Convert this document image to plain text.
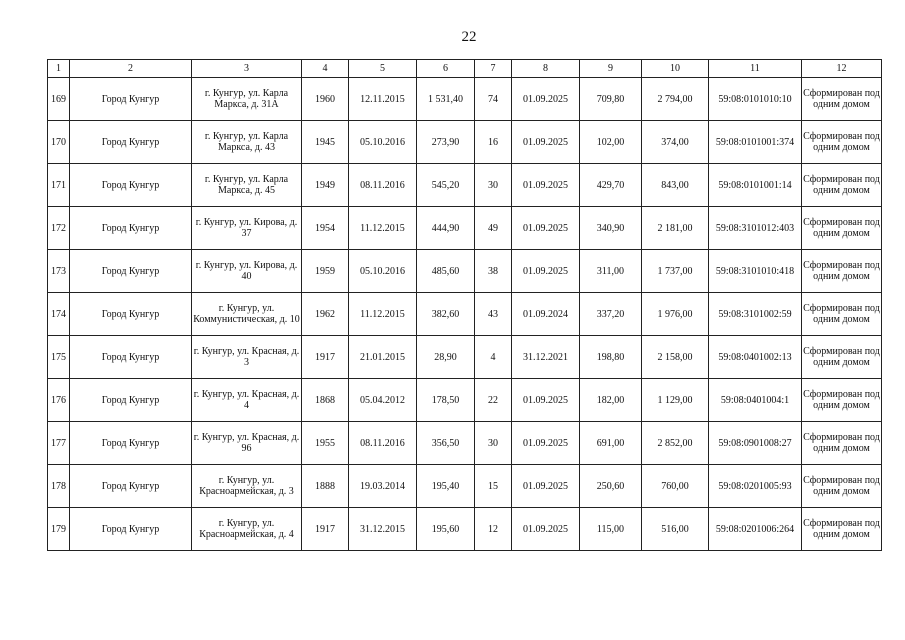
22
1	2	3	4	5	6	7	8	9	10	11	12
169	Город Кунгур	г. Кунгур, ул. Карла Маркса, д. 31А	1960	12.11.2015	1 531,40	74	01.09.2025	709,80	2 794,00	59:08:0101010:10	Сформирован под одним домом
170	Город Кунгур	г. Кунгур, ул. Карла Маркса, д. 43	1945	05.10.2016	273,90	16	01.09.2025	102,00	374,00	59:08:0101001:374	Сформирован под одним домом
171	Город Кунгур	г. Кунгур, ул. Карла Маркса, д. 45	1949	08.11.2016	545,20	30	01.09.2025	429,70	843,00	59:08:0101001:14	Сформирован под одним домом
172	Город Кунгур	г. Кунгур, ул. Кирова, д. 37	1954	11.12.2015	444,90	49	01.09.2025	340,90	2 181,00	59:08:3101012:403	Сформирован под одним домом
173	Город Кунгур	г. Кунгур, ул. Кирова, д. 40	1959	05.10.2016	485,60	38	01.09.2025	311,00	1 737,00	59:08:3101010:418	Сформирован под одним домом
174	Город Кунгур	г. Кунгур, ул. Коммунистическая, д. 10	1962	11.12.2015	382,60	43	01.09.2024	337,20	1 976,00	59:08:3101002:59	Сформирован под одним домом
175	Город Кунгур	г. Кунгур, ул. Красная, д. 3	1917	21.01.2015	28,90	4	31.12.2021	198,80	2 158,00	59:08:0401002:13	Сформирован под одним домом
176	Город Кунгур	г. Кунгур, ул. Красная, д. 4	1868	05.04.2012	178,50	22	01.09.2025	182,00	1 129,00	59:08:0401004:1	Сформирован под одним домом
177	Город Кунгур	г. Кунгур, ул. Красная, д. 96	1955	08.11.2016	356,50	30	01.09.2025	691,00	2 852,00	59:08:0901008:27	Сформирован под одним домом
178	Город Кунгур	г. Кунгур, ул. Красноармейская, д. 3	1888	19.03.2014	195,40	15	01.09.2025	250,60	760,00	59:08:0201005:93	Сформирован под одним домом
179	Город Кунгур	г. Кунгур, ул. Красноармейская, д. 4	1917	31.12.2015	195,60	12	01.09.2025	115,00	516,00	59:08:0201006:264	Сформирован под одним домом
